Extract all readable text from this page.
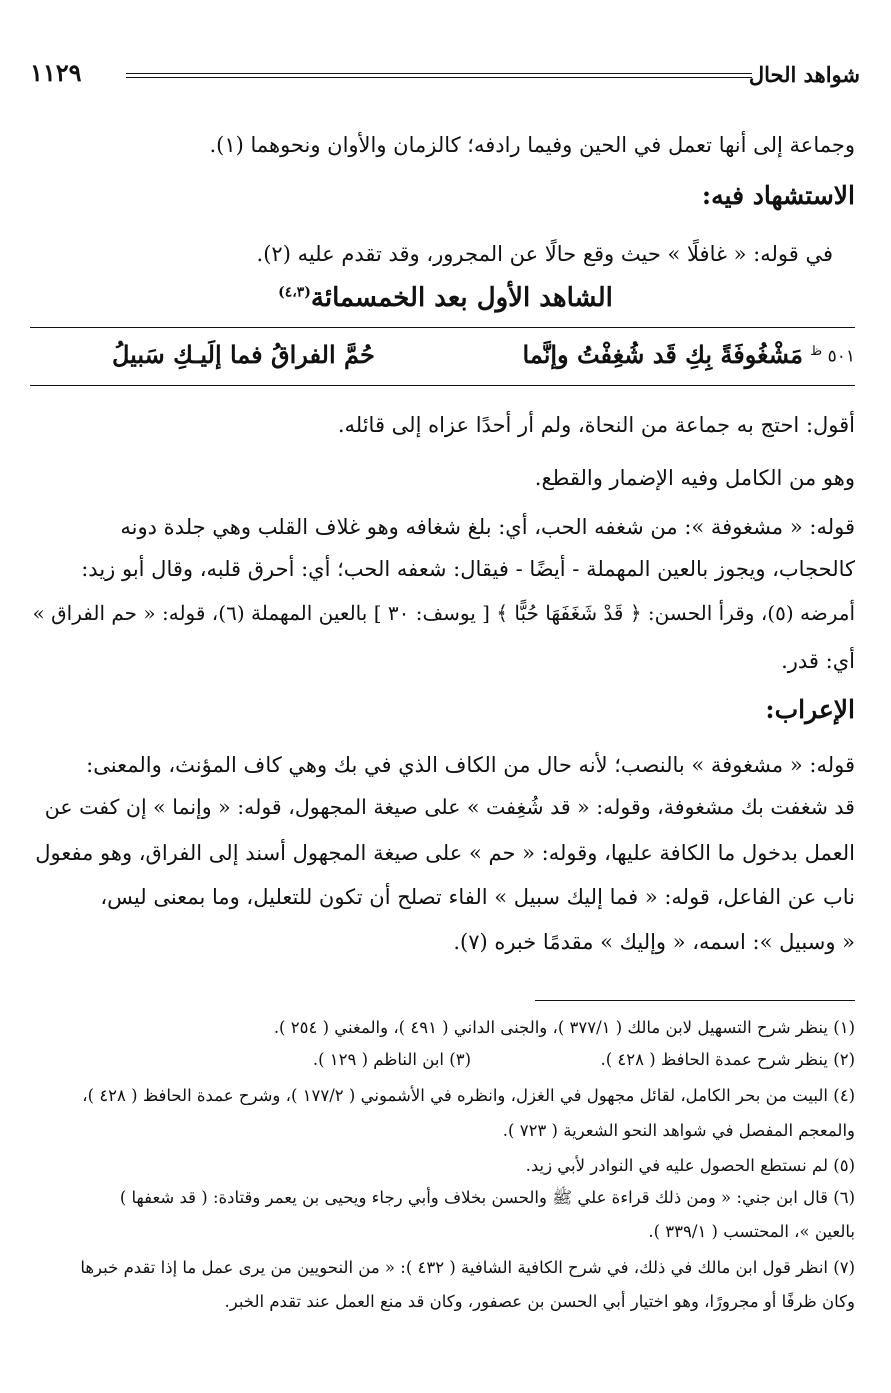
شواهد الحال
١١٢٩
وجماعة إلى أنها تعمل في الحين وفيما رادفه؛ كالزمان والأوان ونحوهما (١).
الاستشهاد فيه:
في قوله: « غافلًا » حيث وقع حالًا عن المجرور، وقد تقدم عليه (٢).
الشاهد الأول بعد الخمسمائة$^{(٤،٣)}$
٥٠١ $^ظ$
مَشْغُوفَةً بِكِ قَد شُغِفْتُ وإنَّما
حُمَّ الفراقُ فما إلَيـكِ سَبيلُ
أقول: احتج به جماعة من النحاة، ولم أر أحدًا عزاه إلى قائله.
وهو من الكامل وفيه الإضمار والقطع.
قوله: « مشغوفة »: من شغفه الحب، أي: بلغ شغافه وهو غلاف القلب وهي جلدة دونه
كالحجاب، ويجوز بالعين المهملة - أيضًا - فيقال: شعفه الحب؛ أي: أحرق قلبه، وقال أبو زيد:
أمرضه (٥)، وقرأ الحسن: ﴿ قَدْ شَغَفَهَا حُبًّا ﴾ [ يوسف: ٣٠ ] بالعين المهملة (٦)، قوله: « حم الفراق »
أي: قدر.
الإعراب:
قوله: « مشغوفة » بالنصب؛ لأنه حال من الكاف الذي في بك وهي كاف المؤنث، والمعنى:
قد شغفت بك مشغوفة، وقوله: « قد شُغِفت » على صيغة المجهول، قوله: « وإنما » إن كفت عن
العمل بدخول ما الكافة عليها، وقوله: « حم » على صيغة المجهول أسند إلى الفراق، وهو مفعول
ناب عن الفاعل، قوله: « فما إليك سبيل » الفاء تصلح أن تكون للتعليل، وما بمعنى ليس،
« وسبيل »: اسمه، « وإليك » مقدمًا خبره (٧).
(١) ينظر شرح التسهيل لابن مالك ( ٣٧٧/١ )، والجنى الداني ( ٤٩١ )، والمغني ( ٢٥٤ ).
(٢) ينظر شرح عمدة الحافظ ( ٤٢٨ ).
(٣) ابن الناظم ( ١٢٩ ).
(٤) البيت من بحر الكامل، لقائل مجهول في الغزل، وانظره في الأشموني ( ١٧٧/٢ )، وشرح عمدة الحافظ ( ٤٢٨ )،
والمعجم المفصل في شواهد النحو الشعرية ( ٧٢٣ ).
(٥) لم نستطع الحصول عليه في النوادر لأبي زيد.
(٦) قال ابن جني: « ومن ذلك قراءة علي ﷺ والحسن بخلاف وأبي رجاء ويحيى بن يعمر وقتادة: ( قد شعفها )
بالعين »، المحتسب ( ٣٣٩/١ ).
(٧) انظر قول ابن مالك في ذلك، في شرح الكافية الشافية ( ٤٣٢ ): « من النحويين من يرى عمل ما إذا تقدم خبرها
وكان ظرفًا أو مجرورًا، وهو اختيار أبي الحسن بن عصفور، وكان قد منع العمل عند تقدم الخبر.
